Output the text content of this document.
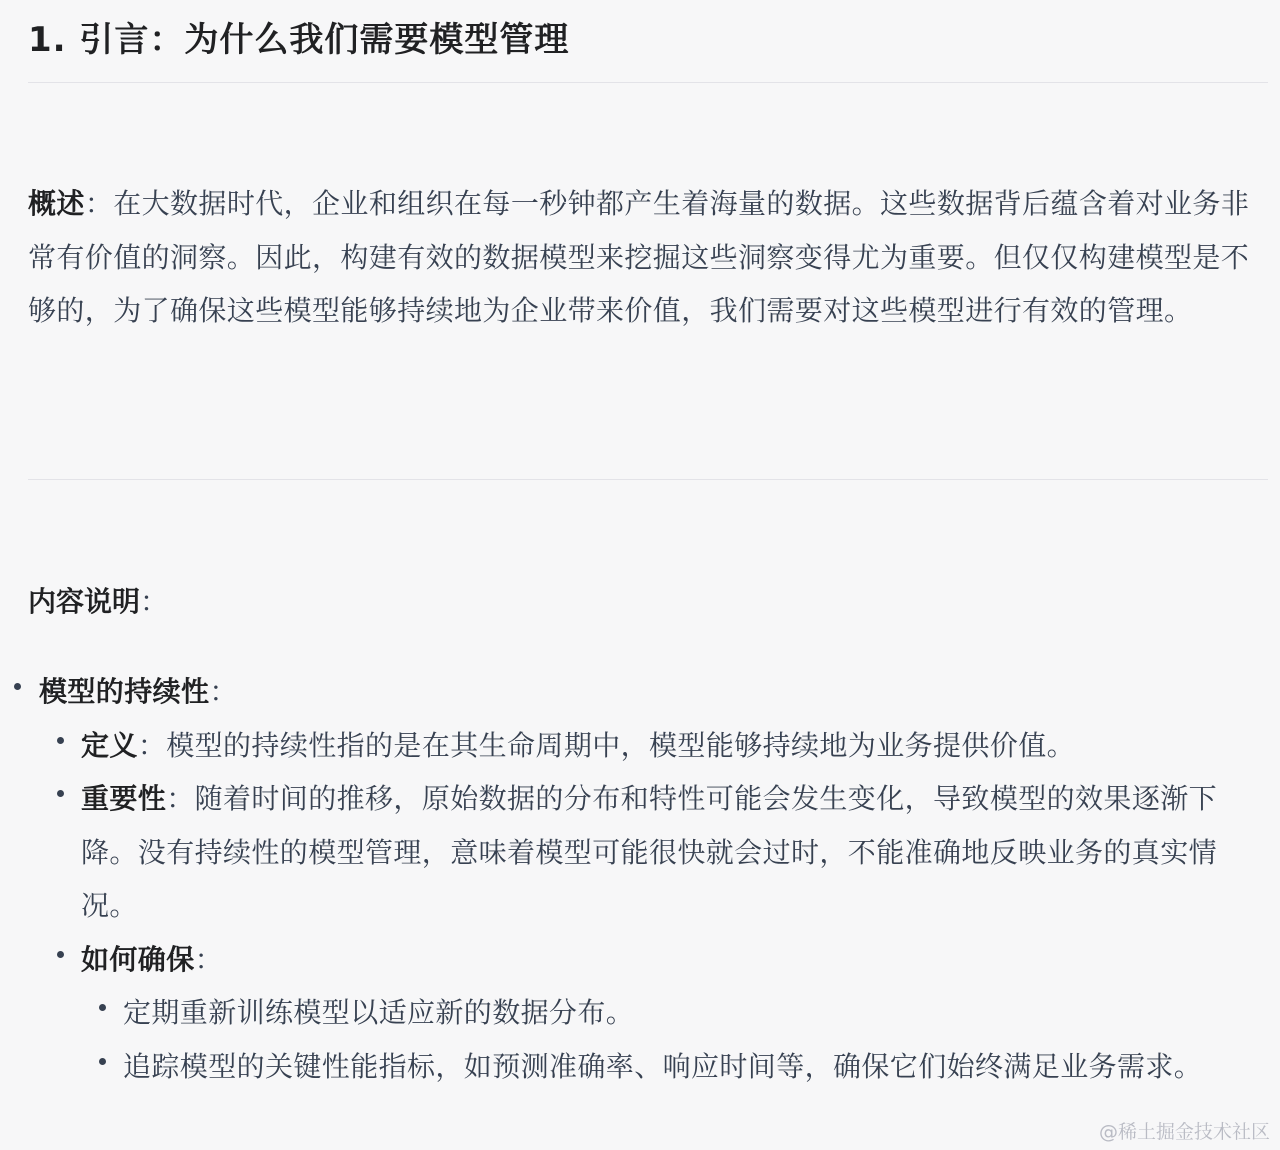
1. 引言：为什么我们需要模型管理

概述：在大数据时代，企业和组织在每一秒钟都产生着海量的数据。这些数据背后蕴含着对业务非常有价值的洞察。因此，构建有效的数据模型来挖掘这些洞察变得尤为重要。但仅仅构建模型是不够的，为了确保这些模型能够持续地为企业带来价值，我们需要对这些模型进行有效的管理。

内容说明：
模型的持续性：
定义：模型的持续性指的是在其生命周期中，模型能够持续地为业务提供价值。
重要性：随着时间的推移，原始数据的分布和特性可能会发生变化，导致模型的效果逐渐下降。没有持续性的模型管理，意味着模型可能很快就会过时，不能准确地反映业务的真实情况。
如何确保：
定期重新训练模型以适应新的数据分布。
追踪模型的关键性能指标，如预测准确率、响应时间等，确保它们始终满足业务需求。
@稀土掘金技术社区
